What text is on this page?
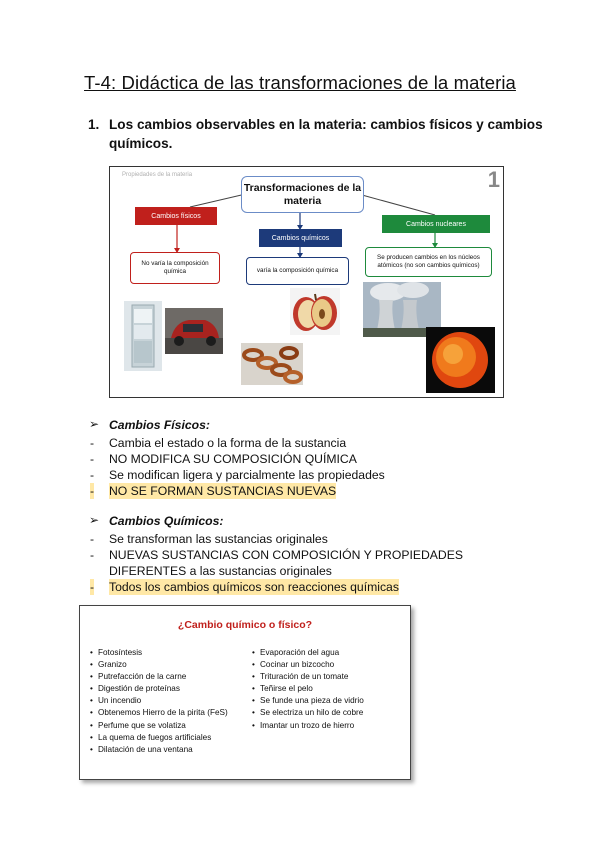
T-4: Didáctica de las transformaciones de la materia
1. Los cambios observables en la materia: cambios físicos y cambios químicos.
Propiedades de la materia	1
Transformaciones de la materia
Cambios físicos
No varía la composición química
Cambios químicos
varía la composición química
Cambios nucleares
Se producen cambios en los núcleos atómicos (no son cambios químicos)
➢ Cambios Físicos:
- Cambia el estado o la forma de la sustancia
- NO MODIFICA SU COMPOSICIÓN QUÍMICA
- Se modifican ligera y parcialmente las propiedades
- NO SE FORMAN SUSTANCIAS NUEVAS
➢ Cambios Químicos:
- Se transforman las sustancias originales
- NUEVAS SUSTANCIAS CON COMPOSICIÓN Y PROPIEDADES DIFERENTES a las sustancias originales
- Todos los cambios químicos son reacciones químicas
¿Cambio químico o físico?
• Fotosíntesis
• Granizo
• Putrefacción de la carne
• Digestión de proteínas
• Un incendio
• Obtenemos Hierro de la pirita (FeS)
• Perfume que se volatiza
• La quema de fuegos artificiales
• Dilatación de una ventana
• Evaporación del agua
• Cocinar un bizcocho
• Trituración de un tomate
• Teñirse el pelo
• Se funde una pieza de vidrio
• Se electriza un hilo de cobre
• Imantar un trozo de hierro
